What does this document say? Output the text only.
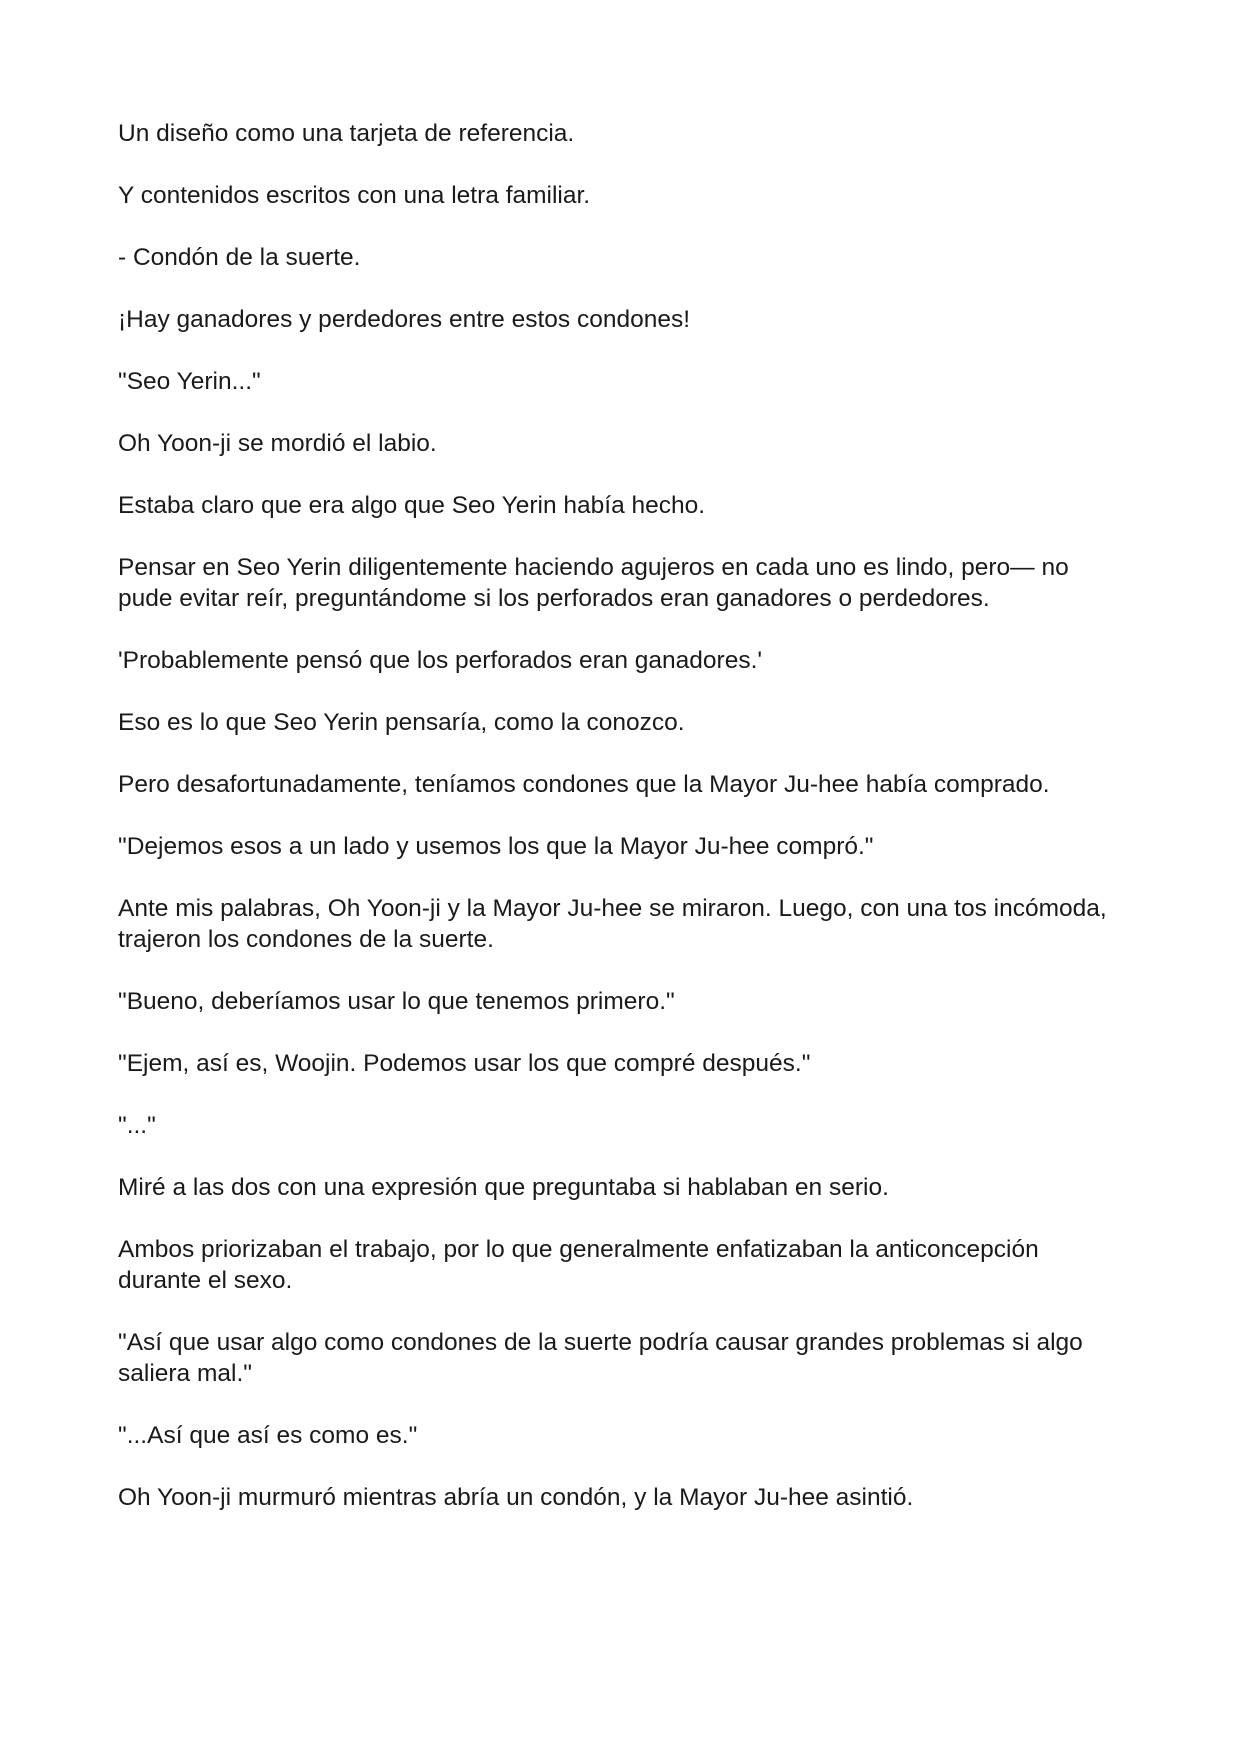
Un diseño como una tarjeta de referencia.

Y contenidos escritos con una letra familiar.

- Condón de la suerte.

¡Hay ganadores y perdedores entre estos condones!

"Seo Yerin..."

Oh Yoon-ji se mordió el labio.

Estaba claro que era algo que Seo Yerin había hecho.

Pensar en Seo Yerin diligentemente haciendo agujeros en cada uno es lindo, pero— no pude evitar reír, preguntándome si los perforados eran ganadores o perdedores.

'Probablemente pensó que los perforados eran ganadores.'

Eso es lo que Seo Yerin pensaría, como la conozco.

Pero desafortunadamente, teníamos condones que la Mayor Ju-hee había comprado.

"Dejemos esos a un lado y usemos los que la Mayor Ju-hee compró."

Ante mis palabras, Oh Yoon-ji y la Mayor Ju-hee se miraron. Luego, con una tos incómoda, trajeron los condones de la suerte.

"Bueno, deberíamos usar lo que tenemos primero."

"Ejem, así es, Woojin. Podemos usar los que compré después."

"..."

Miré a las dos con una expresión que preguntaba si hablaban en serio.

Ambos priorizaban el trabajo, por lo que generalmente enfatizaban la anticoncepción durante el sexo.

"Así que usar algo como condones de la suerte podría causar grandes problemas si algo saliera mal."

"...Así que así es como es."

Oh Yoon-ji murmuró mientras abría un condón, y la Mayor Ju-hee asintió.
